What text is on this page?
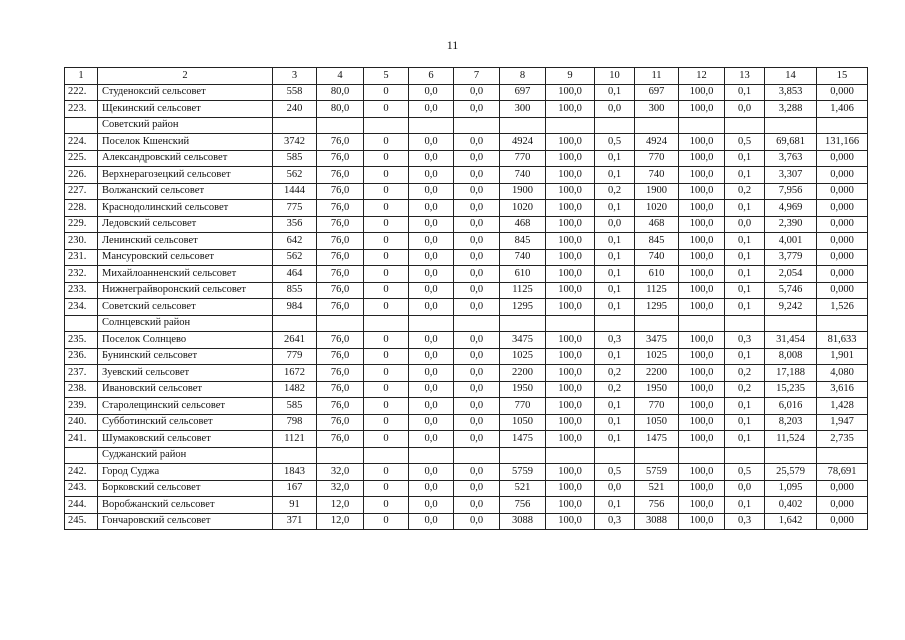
11
1	2	3	4	5	6	7	8	9	10	11	12	13	14	15
222.	Студеноксий сельсовет	558	80,0	0	0,0	0,0	697	100,0	0,1	697	100,0	0,1	3,853	0,000
223.	Щекинский сельсовет	240	80,0	0	0,0	0,0	300	100,0	0,0	300	100,0	0,0	3,288	1,406
	Советский район													
224.	Поселок Кшенский	3742	76,0	0	0,0	0,0	4924	100,0	0,5	4924	100,0	0,5	69,681	131,166
225.	Александровский сельсовет	585	76,0	0	0,0	0,0	770	100,0	0,1	770	100,0	0,1	3,763	0,000
226.	Верхнерагозецкий сельсовет	562	76,0	0	0,0	0,0	740	100,0	0,1	740	100,0	0,1	3,307	0,000
227.	Волжанский сельсовет	1444	76,0	0	0,0	0,0	1900	100,0	0,2	1900	100,0	0,2	7,956	0,000
228.	Краснодолинский сельсовет	775	76,0	0	0,0	0,0	1020	100,0	0,1	1020	100,0	0,1	4,969	0,000
229.	Ледовский сельсовет	356	76,0	0	0,0	0,0	468	100,0	0,0	468	100,0	0,0	2,390	0,000
230.	Ленинский сельсовет	642	76,0	0	0,0	0,0	845	100,0	0,1	845	100,0	0,1	4,001	0,000
231.	Мансуровский сельсовет	562	76,0	0	0,0	0,0	740	100,0	0,1	740	100,0	0,1	3,779	0,000
232.	Михайлоанненский сельсовет	464	76,0	0	0,0	0,0	610	100,0	0,1	610	100,0	0,1	2,054	0,000
233.	Нижнеграйворонский сельсовет	855	76,0	0	0,0	0,0	1125	100,0	0,1	1125	100,0	0,1	5,746	0,000
234.	Советский сельсовет	984	76,0	0	0,0	0,0	1295	100,0	0,1	1295	100,0	0,1	9,242	1,526
	Солнцевский район													
235.	Поселок Солнцево	2641	76,0	0	0,0	0,0	3475	100,0	0,3	3475	100,0	0,3	31,454	81,633
236.	Бунинский сельсовет	779	76,0	0	0,0	0,0	1025	100,0	0,1	1025	100,0	0,1	8,008	1,901
237.	Зуевский сельсовет	1672	76,0	0	0,0	0,0	2200	100,0	0,2	2200	100,0	0,2	17,188	4,080
238.	Ивановский сельсовет	1482	76,0	0	0,0	0,0	1950	100,0	0,2	1950	100,0	0,2	15,235	3,616
239.	Старолещинский сельсовет	585	76,0	0	0,0	0,0	770	100,0	0,1	770	100,0	0,1	6,016	1,428
240.	Субботинский сельсовет	798	76,0	0	0,0	0,0	1050	100,0	0,1	1050	100,0	0,1	8,203	1,947
241.	Шумаковский сельсовет	1121	76,0	0	0,0	0,0	1475	100,0	0,1	1475	100,0	0,1	11,524	2,735
	Суджанский район													
242.	Город Суджа	1843	32,0	0	0,0	0,0	5759	100,0	0,5	5759	100,0	0,5	25,579	78,691
243.	Борковский сельсовет	167	32,0	0	0,0	0,0	521	100,0	0,0	521	100,0	0,0	1,095	0,000
244.	Воробжанский сельсовет	91	12,0	0	0,0	0,0	756	100,0	0,1	756	100,0	0,1	0,402	0,000
245.	Гончаровский сельсовет	371	12,0	0	0,0	0,0	3088	100,0	0,3	3088	100,0	0,3	1,642	0,000
